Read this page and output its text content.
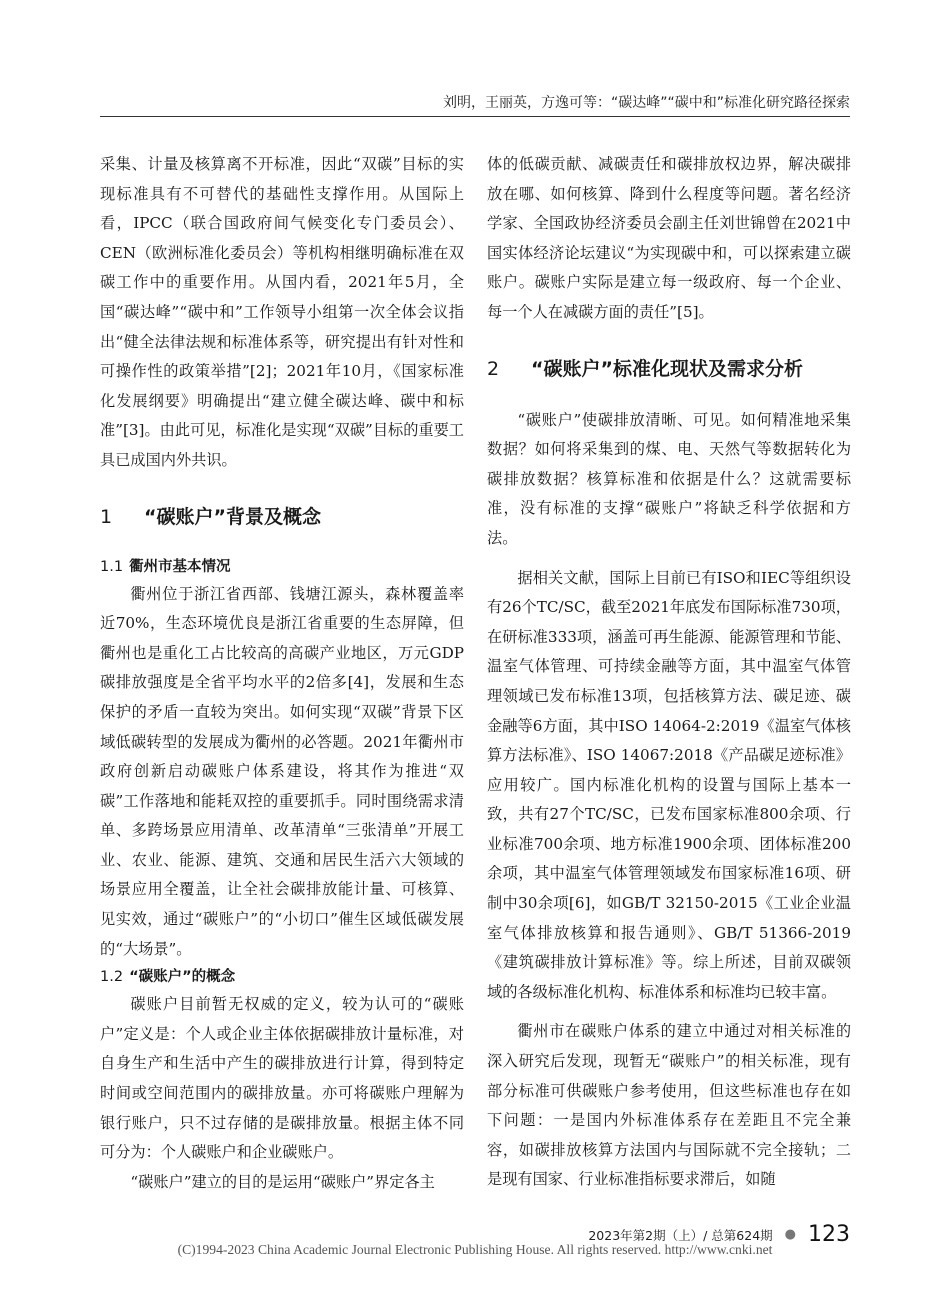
刘明，王丽英，方逸可等：“碳达峰”“碳中和”标准化研究路径探索

采集、计量及核算离不开标准，因此“双碳”目标的实现标准具有不可替代的基础性支撑作用。从国际上看，IPCC（联合国政府间气候变化专门委员会）、CEN（欧洲标准化委员会）等机构相继明确标准在双碳工作中的重要作用。从国内看，2021年5月，全国“碳达峰”“碳中和”工作领导小组第一次全体会议指出“健全法律法规和标准体系等，研究提出有针对性和可操作性的政策举措”[2]；2021年10月，《国家标准化发展纲要》明确提出“建立健全碳达峰、碳中和标准”[3]。由此可见，标准化是实现“双碳”目标的重要工具已成国内外共识。

1 “碳账户”背景及概念
1.1 衢州市基本情况

衢州位于浙江省西部、钱塘江源头，森林覆盖率近70%，生态环境优良是浙江省重要的生态屏障，但衢州也是重化工占比较高的高碳产业地区，万元GDP碳排放强度是全省平均水平的2倍多[4]，发展和生态保护的矛盾一直较为突出。如何实现“双碳”背景下区域低碳转型的发展成为衢州的必答题。2021年衢州市政府创新启动碳账户体系建设，将其作为推进“双碳”工作落地和能耗双控的重要抓手。同时围绕需求清单、多跨场景应用清单、改革清单“三张清单”开展工业、农业、能源、建筑、交通和居民生活六大领域的场景应用全覆盖，让全社会碳排放能计量、可核算、见实效，通过“碳账户”的“小切口”催生区域低碳发展的“大场景”。

1.2 “碳账户”的概念

碳账户目前暂无权威的定义，较为认可的“碳账户”定义是：个人或企业主体依据碳排放计量标准，对自身生产和生活中产生的碳排放进行计算，得到特定时间或空间范围内的碳排放量。亦可将碳账户理解为银行账户，只不过存储的是碳排放量。根据主体不同可分为：个人碳账户和企业碳账户。

“碳账户”建立的目的是运用“碳账户”界定各主

体的低碳贡献、减碳责任和碳排放权边界，解决碳排放在哪、如何核算、降到什么程度等问题。著名经济学家、全国政协经济委员会副主任刘世锦曾在2021中国实体经济论坛建议“为实现碳中和，可以探索建立碳账户。碳账户实际是建立每一级政府、每一个企业、每一个人在减碳方面的责任”[5]。

2 “碳账户”标准化现状及需求分析

“碳账户”使碳排放清晰、可见。如何精准地采集数据？如何将采集到的煤、电、天然气等数据转化为碳排放数据？核算标准和依据是什么？这就需要标准，没有标准的支撑“碳账户”将缺乏科学依据和方法。

据相关文献，国际上目前已有ISO和IEC等组织设有26个TC/SC，截至2021年底发布国际标准730项，在研标准333项，涵盖可再生能源、能源管理和节能、温室气体管理、可持续金融等方面，其中温室气体管理领域已发布标准13项，包括核算方法、碳足迹、碳金融等6方面，其中ISO 14064-2:2019《温室气体核算方法标准》、ISO 14067:2018《产品碳足迹标准》应用较广。国内标准化机构的设置与国际上基本一致，共有27个TC/SC，已发布国家标准800余项、行业标准700余项、地方标准1900余项、团体标准200余项，其中温室气体管理领域发布国家标准16项、研制中30余项[6]，如GB/T 32150-2015《工业企业温室气体排放核算和报告通则》、GB/T 51366-2019《建筑碳排放计算标准》等。综上所述，目前双碳领域的各级标准化机构、标准体系和标准均已较丰富。

衢州市在碳账户体系的建立中通过对相关标准的深入研究后发现，现暂无“碳账户”的相关标准，现有部分标准可供碳账户参考使用，但这些标准也存在如下问题：一是国内外标准体系存在差距且不完全兼容，如碳排放核算方法国内与国际就不完全接轨；二是现有国家、行业标准指标要求滞后，如随

2023年第2期（上）/ 总第624期 ● 123
(C)1994-2023 China Academic Journal Electronic Publishing House. All rights reserved. http://www.cnki.net
